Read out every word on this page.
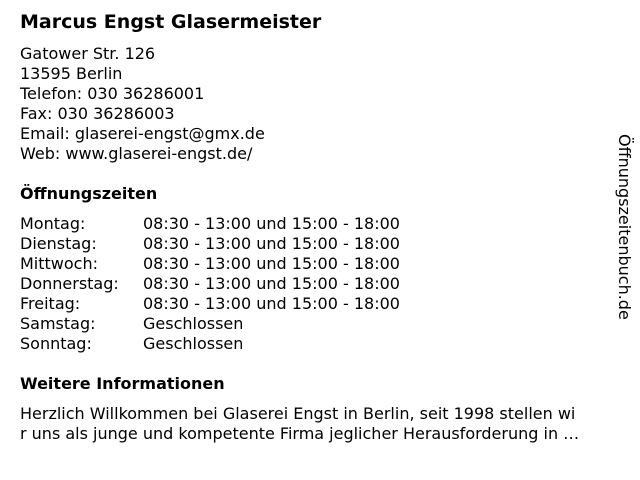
Marcus Engst Glasermeister
Gatower Str. 126
13595 Berlin
Telefon: 030 36286001
Fax: 030 36286003
Email: glaserei-engst@gmx.de
Web: www.glaserei-engst.de/
Öffnungszeiten
Montag:	08:30 - 13:00 und 15:00 - 18:00
Dienstag:	08:30 - 13:00 und 15:00 - 18:00
Mittwoch:	08:30 - 13:00 und 15:00 - 18:00
Donnerstag: 08:30 - 13:00 und 15:00 - 18:00
Freitag:	08:30 - 13:00 und 15:00 - 18:00
Samstag:	Geschlossen
Sonntag:	Geschlossen
Weitere Informationen
Herzlich Willkommen bei Glaserei Engst in Berlin, seit 1998 stellen wi
r uns als junge und kompetente Firma jeglicher Herausforderung in …
Öffnungszeitenbuch.de
